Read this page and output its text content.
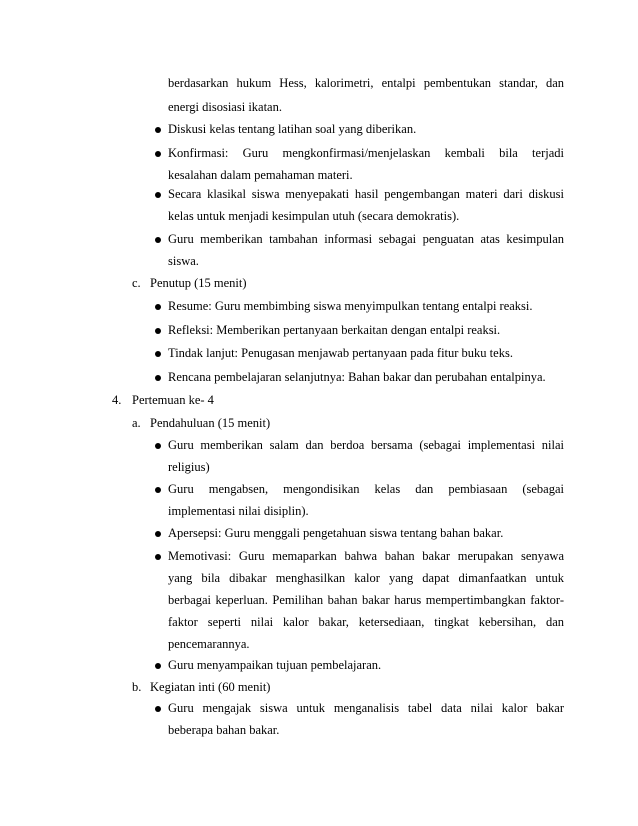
berdasarkan hukum Hess, kalorimetri, entalpi pembentukan standar, dan
energi disosiasi ikatan.
Diskusi kelas tentang latihan soal yang diberikan.
Konfirmasi: Guru mengkonfirmasi/menjelaskan kembali bila terjadi
kesalahan dalam pemahaman materi.
Secara klasikal siswa menyepakati hasil pengembangan materi dari diskusi
kelas untuk menjadi kesimpulan utuh (secara demokratis).
Guru memberikan tambahan informasi sebagai penguatan atas kesimpulan
siswa.
c. Penutup (15 menit)
Resume: Guru membimbing siswa menyimpulkan tentang entalpi reaksi.
Refleksi: Memberikan pertanyaan berkaitan dengan entalpi reaksi.
Tindak lanjut: Penugasan menjawab pertanyaan pada fitur buku teks.
Rencana pembelajaran selanjutnya: Bahan bakar dan perubahan entalpinya.
4. Pertemuan ke- 4
a. Pendahuluan (15 menit)
Guru memberikan salam dan berdoa bersama (sebagai implementasi nilai
religius)
Guru mengabsen, mengondisikan kelas dan pembiasaan (sebagai
implementasi nilai disiplin).
Apersepsi: Guru menggali pengetahuan siswa tentang bahan bakar.
Memotivasi: Guru memaparkan bahwa bahan bakar merupakan senyawa
yang bila dibakar menghasilkan kalor yang dapat dimanfaatkan untuk
berbagai keperluan. Pemilihan bahan bakar harus mempertimbangkan faktor-
faktor seperti nilai kalor bakar, ketersediaan, tingkat kebersihan, dan
pencemarannya.
Guru menyampaikan tujuan pembelajaran.
b. Kegiatan inti (60 menit)
Guru mengajak siswa untuk menganalisis tabel data nilai kalor bakar
beberapa bahan bakar.
